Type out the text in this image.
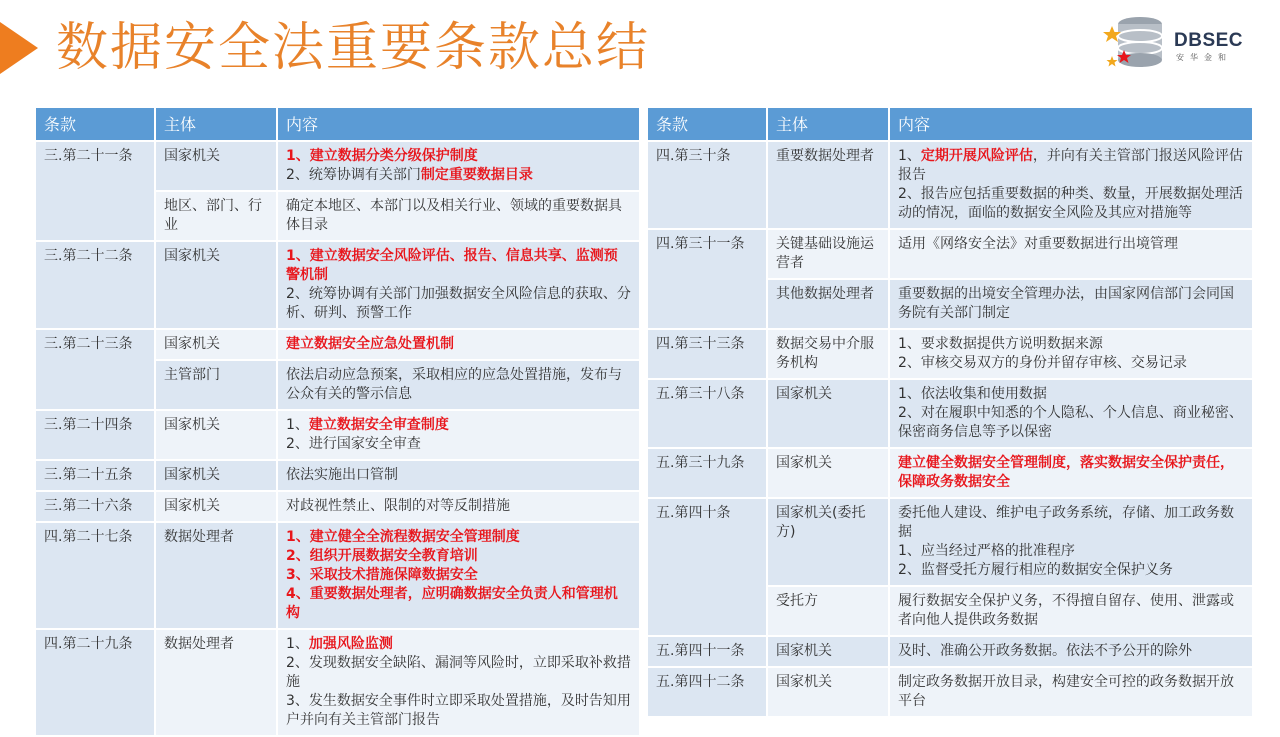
数据安全法重要条款总结	DBSEC
安华金和
条款	主体	内容
三.第二十一条	国家机关	1、建立数据分类分级保护制度
2、统筹协调有关部门制定重要数据目录

	地区、部门、行业	确定本地区、本部门以及相关行业、领域的重要数据具体目录

三.第二十二条	国家机关	1、建立数据安全风险评估、报告、信息共享、监测预警机制
2、统筹协调有关部门加强数据安全风险信息的获取、分析、研判、预警工作

三.第二十三条	国家机关	建立数据安全应急处置机制

	主管部门	依法启动应急预案，采取相应的应急处置措施，发布与公众有关的警示信息

三.第二十四条	国家机关	1、建立数据安全审查制度
2、进行国家安全审查

三.第二十五条	国家机关	依法实施出口管制

三.第二十六条	国家机关	对歧视性禁止、限制的对等反制措施

四.第二十七条	数据处理者	1、建立健全全流程数据安全管理制度
2、组织开展数据安全教育培训
3、采取技术措施保障数据安全
4、重要数据处理者，应明确数据安全负责人和管理机构

四.第二十九条	数据处理者	1、加强风险监测
2、发现数据安全缺陷、漏洞等风险时，立即采取补救措施
3、发生数据安全事件时立即采取处置措施，及时告知用户并向有关主管部门报告
条款	主体	内容
四.第三十条	重要数据处理者	1、定期开展风险评估，并向有关主管部门报送风险评估报告
2、报告应包括重要数据的种类、数量，开展数据处理活动的情况，面临的数据安全风险及其应对措施等

四.第三十一条	关键基础设施运营者	适用《网络安全法》对重要数据进行出境管理

	其他数据处理者	重要数据的出境安全管理办法，由国家网信部门会同国务院有关部门制定

四.第三十三条	数据交易中介服务机构	1、要求数据提供方说明数据来源
2、审核交易双方的身份并留存审核、交易记录

五.第三十八条	国家机关	1、依法收集和使用数据
2、对在履职中知悉的个人隐私、个人信息、商业秘密、保密商务信息等予以保密

五.第三十九条	国家机关	建立健全数据安全管理制度，落实数据安全保护责任，保障政务数据安全

五.第四十条	国家机关(委托方)	委托他人建设、维护电子政务系统，存储、加工政务数据
1、应当经过严格的批准程序
2、监督受托方履行相应的数据安全保护义务

	受托方	履行数据安全保护义务，不得擅自留存、使用、泄露或者向他人提供政务数据

五.第四十一条	国家机关	及时、准确公开政务数据。依法不予公开的除外

五.第四十二条	国家机关	制定政务数据开放目录，构建安全可控的政务数据开放平台
